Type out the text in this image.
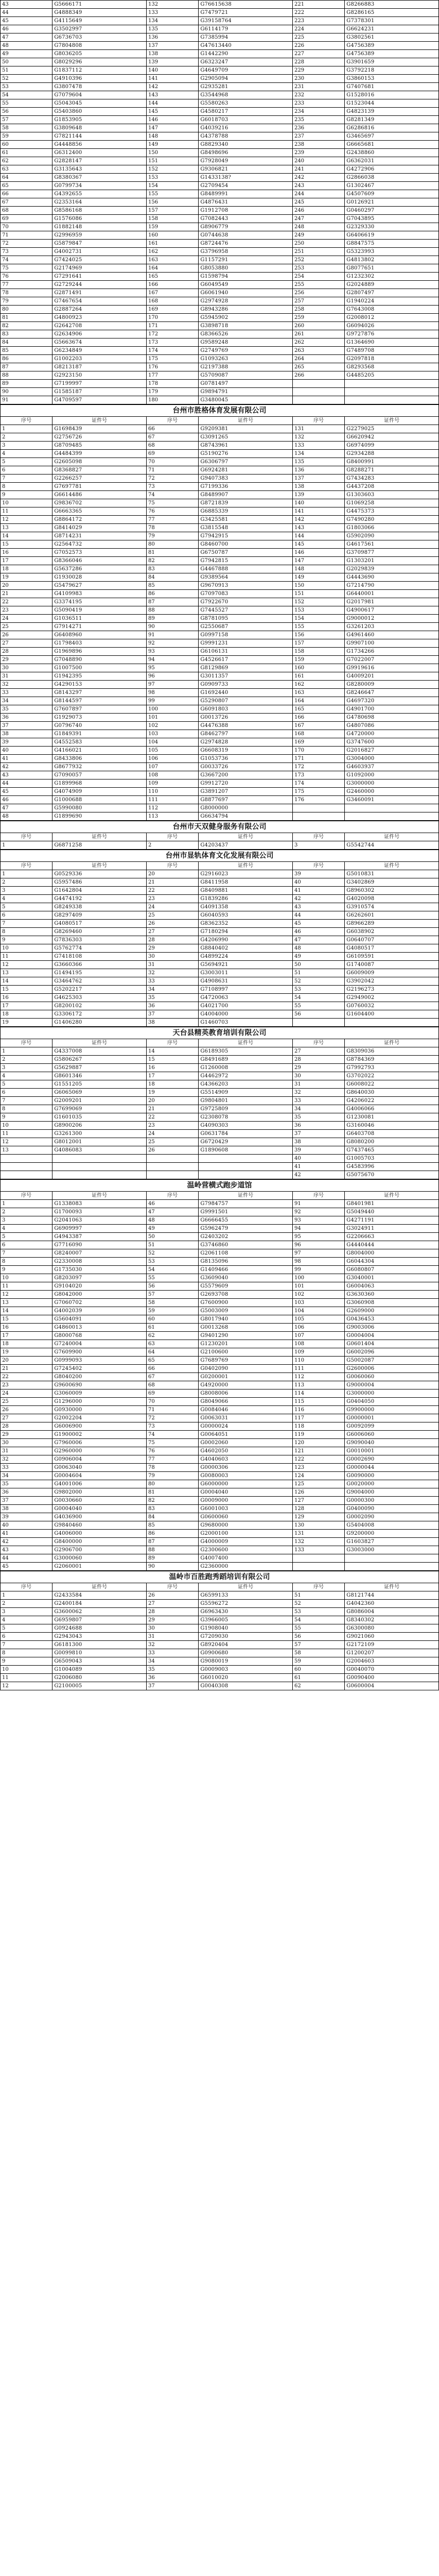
43	G5666171	132	G76615638	221	G8266883
44	G4888349	133	G7479721	222	G8286165
45	G4115649	134	G39158764	223	G7378301
46	G3502997	135	G6114179	224	G6624231
47	G6736703	136	G7385994	225	G3802561
48	G7804808	137	G47613440	226	G4756389
49	G8036205	138	G1442290	227	G4756389
50	G8029296	139	G6323247	228	G3901659
51	G1837112	140	G4649709	229	G3792218
52	G4910396	141	G2905094	230	G3860153
53	G3807478	142	G2935281	231	G7407681
54	G7079604	143	G3544968	232	G1528016
55	G5043045	144	G5580263	233	G1523044
56	G5403860	145	G4580217	234	G4823139
57	G1853905	146	G6018703	235	G8281349
58	G3809648	147	G4039216	236	G6286816
59	G7821144	148	G4378788	237	G3465697
60	G4448856	149	G8829340	238	G6665681
61	G6312400	150	G8498696	239	G2438860
62	G2828147	151	G7928049	240	G6362031
63	G3135643	152	G9306821	241	G4272906
64	G8380367	153	G1433138?	242	G2866038
65	G0799734	154	G2709454	243	G1302467
66	G4392655	155	G8489991	244	G4507609
67	G2353164	156	G4876431	245	G0126921
68	G8586168	157	G1912708	246	G0460297
69	G1576086	158	G7082443	247	G7043895
70	G1882148	159	G8906779	248	G2329330
71	G2996959	160	G0744638	249	G6406619
72	G5879847	161	G8724476	250	G8847575
73	G4002731	162	G3796958	251	G5323993
74	G7424025	163	G1157291	252	G4813802
75	G2174969	164	G8053880	253	G8077651
76	G7291641	165	G1598794	254	G1232302
77	G2729244	166	G6049549	255	G2024889
78	G2871491	167	G6061940	256	G2807497
79	G7467654	168	G2974928	257	G1940224
80	G2887264	169	G8943286	258	G7643008
81	G4800923	170	G5945902	259	G2008012
82	G2642708	171	G3898718	260	G6094026
83	G2634906	172	G8366526	261	G9727876
84	G5663674	173	G9589248	262	G1364690
85	G6234849	174	G2749769	263	G7489708
86	G1002203	175	G1093263	264	G2097818
87	G8213187	176	G2197388	265	G8293568
88	G2923150	177	G5709087	266	G4485205
89	G7199997	178	G0781497		
90	G1585187	179	G9894791		
91	G4709597	180	G3480045		
台州市胜格体育发展有限公司
序号	证件号	序号	证件号	序号	证件号
1	G1698439	66	G9209381	131	G2279025
2	G2756726	67	G3091265	132	G6620942
3	G8709485	68	G8743961	133	G6974099
4	G4484399	69	G5190276	134	G2934288
5	G2605098	70	G6306797	135	G8400991
6	G8368827	71	G6924281	136	G8288271
7	G2266257	72	G9407383	137	G7434283
8	G7697781	73	G7199336	138	G4437208
9	G6614486	74	G8489907	139	G1303603
10	G9836702	75	G8721839	140	G1069258
11	G6663365	76	G6885339	141	G4475373
12	G8864172	77	G3425581	142	G7490280
13	G8414029	78	G3815548	143	G1803066
14	G8714231	79	G7942915	144	G5902090
15	G2564732	80	G8460700	145	G4617561
16	G7052573	81	G6750787	146	G3709877
17	G8366046	82	G7942815	147	G1303201
18	G5637286	83	G4467888	148	G2029839
19	G1930028	84	G9389564	149	G4443690
20	G5479627	85	G9670913	150	G7214790
21	G4109983	86	G7097083	151	G6440001
22	G3374195	87	G7922670	152	G2017981
23	G5090419	88	G7445527	153	G4900617
24	G1036511	89	G8781095	154	G9000012
25	G7914271	90	G2550687	155	G3261203
26	G6408960	91	G0997158	156	G4961460
27	G1798403	92	G9991231	157	G9907100
28	G1969896	93	G6106131	158	G1734266
29	G7048890	94	G4526617	159	G7022007
30	G1007500	95	G8129869	160	G9919616
31	G1942395	96	G3011357	161	G4009201
32	G4290153	97	G0909733	162	G8280009
33	G8143297	98	G1692440	163	G8246647
34	G8144597	99	G5290807	164	G4697320
35	G7607897	100	G6091803	165	G4901700
36	G1929073	101	G0013726	166	G4780698
37	G0796740	102	G4476388	167	G4807086
38	G1849391	103	G8462797	168	G4720000
39	G4552583	104	G2974828	169	G3747600
40	G4166021	105	G6608319	170	G2016827
41	G8433806	106	G1053736	171	G3004000
42	G8677932	107	G0033726	172	G4603937
43	G7090057	108	G3667200	173	G1092000
44	G1899968	109	G9912720	174	G3000000
45	G4074909	110	G3891207	175	G2460000
46	G1000688	111	G8877697	176	G3460091
47	G5990080	112	G8000000		
48	G1899690	113	G6634794		
台州市天双健身服务有限公司
序号	证件号	序号	证件号	序号	证件号
1	G6871258	2	G4203437	3	G5542744
台州市显轨体育文化发展有限公司
序号	证件号	序号	证件号	序号	证件号
1	G0529336	20	G2916023	39	G5010831
2	G5957486	21	G8411958	40	G3402869
3	G1642804	22	G8409881	41	G8960302
4	G4474192	23	G1839286	42	G4020098
5	G8249338	24	G4091358	43	G3910574
6	G8297409	25	G6040593	44	G6262601
7	G4080517	26	G8362352	45	G8966289
8	G8269460	27	G7180294	46	G6038902
9	G7836303	28	G4206990	47	G0640707
10	G5762774	29	G8840402	48	G4080517
11	G7418108	30	G4899224	49	G6109591
12	G3660366	31	G5694921	50	G1740087
13	G1494195	32	G3003011	51	G6009009
14	G3464762	33	G4908631	52	G3902042
15	G5202217	34	G7108997	53	G2196273
16	G4625303	35	G4720063	54	G2949002
17	G8200102	36	G4021700	55	G0760032
18	G3306172	37	G4004000	56	G1604400
19	G1406280	38	G1460703		
天台县精英教育培训有限公司
序号	证件号	序号	证件号	序号	证件号
1	G4337008	14	G6189305	27	G8309036
2	G5806267	15	G8491689	28	G8784369
3	G5629887	16	G1260008	29	G7992793
4	G8601346	17	G4462972	30	G3702022
5	G1551205	18	G4366203	31	G6008022
6	G6065069	19	G5514909	32	G8640030
7	G2009201	20	G9804801	33	G4206022
8	G7699069	21	G9725809	34	G4006066
9	G1601035	22	G2308078	35	G1230081
10	G8900206	23	G4090303	36	G3160046
11	G3261300	24	G0631784	37	G6403708
12	G8012001	25	G6720429	38	G8080200
13	G4086083	26	G1890608	39	G7437465
				40	G1005703
				41	G4583996
				42	G5075670
温岭营横式跑步道馆
序号	证件号	序号	证件号	序号	证件号
1	G1338083	46	G7984757	91	G8401981
2	G1700093	47	G9991501	92	G5049440
3	G2041063	48	G6666455	93	G4271191
4	G6909997	49	G5962479	94	G3024911
5	G4943387	50	G2403202	95	G2206663
6	G7716090	51	G3746860	96	G4440444
7	G8240007	52	G2061108	97	G8004000
8	G2330008	53	G8135096	98	G6044304
9	G1735030	54	G1409466	99	G6080807
10	G8203097	55	G3609040	100	G3040001
11	G9104020	56	G5579609	101	G6004063
12	G8042000	57	G2693708	102	G3630360
13	G7060702	58	G7600900	103	G3060908
14	G4002039	59	G5003009	104	G2609000
15	G5604091	60	G8017940	105	G0436453
16	G4860013	61	G0013268	106	G9003006
17	G8000768	62	G9401290	107	G0004004
18	G7240004	63	G1230201	108	G0601404
19	G7609900	64	G2100600	109	G6002096
20	G0999093	65	G7689769	110	G5002087
21	G7245402	66	G0402090	111	G2600006
22	G8040200	67	G0200001	112	G0060060
23	G9600690	68	G4920000	113	G9000004
24	G3060009	69	G8008006	114	G3000000
25	G1296000	70	G8049066	115	G0404050
26	G0930000	71	G0084046	116	G9900000
27	G2002204	72	G0063031	117	G0000001
28	G6006900	73	G0000024	118	G0092099
29	G1900002	74	G0064051	119	G6006060
30	G7960006	75	G0002060	120	G9090040
31	G2960000	76	G4602050	121	G0010001
32	G0906004	77	G4040603	122	G0002690
33	G0063040	78	G0000306	123	G0000044
34	G0004604	79	G0080003	124	G0090000
35	G4001006	80	G6000000	125	G0020000
36	G9802000	81	G0004040	126	G9004000
37	G0030660	82	G0009000	127	G0000300
38	G0004040	83	G6001003	128	G0400090
39	G4036900	84	G0600060	129	G0002090
40	G9840460	85	G9680000	130	G5404008
41	G4006000	86	G2000100	131	G9200000
42	G8400000	87	G4000009	132	G1603827
43	G2906700	88	G2300600	133	G3003000
44	G3000060	89	G4007400		
45	G2060001	90	G2360000		
温岭市百胜跑秀蹈培训有限公司
序号	证件号	序号	证件号	序号	证件号
1	G2433584	26	G6599133	51	G8121744
2	G2400184	27	G5596272	52	G4042360
3	G3600062	28	G6963430	53	G8086004
4	G6959807	29	G3966005	54	G8340302
5	G0924688	30	G1908040	55	G6300080
6	G2943043	31	G7209030	56	G9021060
7	G6181300	32	G8920404	57	G2172109
8	G0099810	33	G0900680	58	G1200207
9	G6509043	34	G9080019	59	G2004603
10	G1004089	35	G0009003	60	G0040070
11	G2006080	36	G6010020	61	G0090400
12	G2100005	37	G0040308	62	G0600004
